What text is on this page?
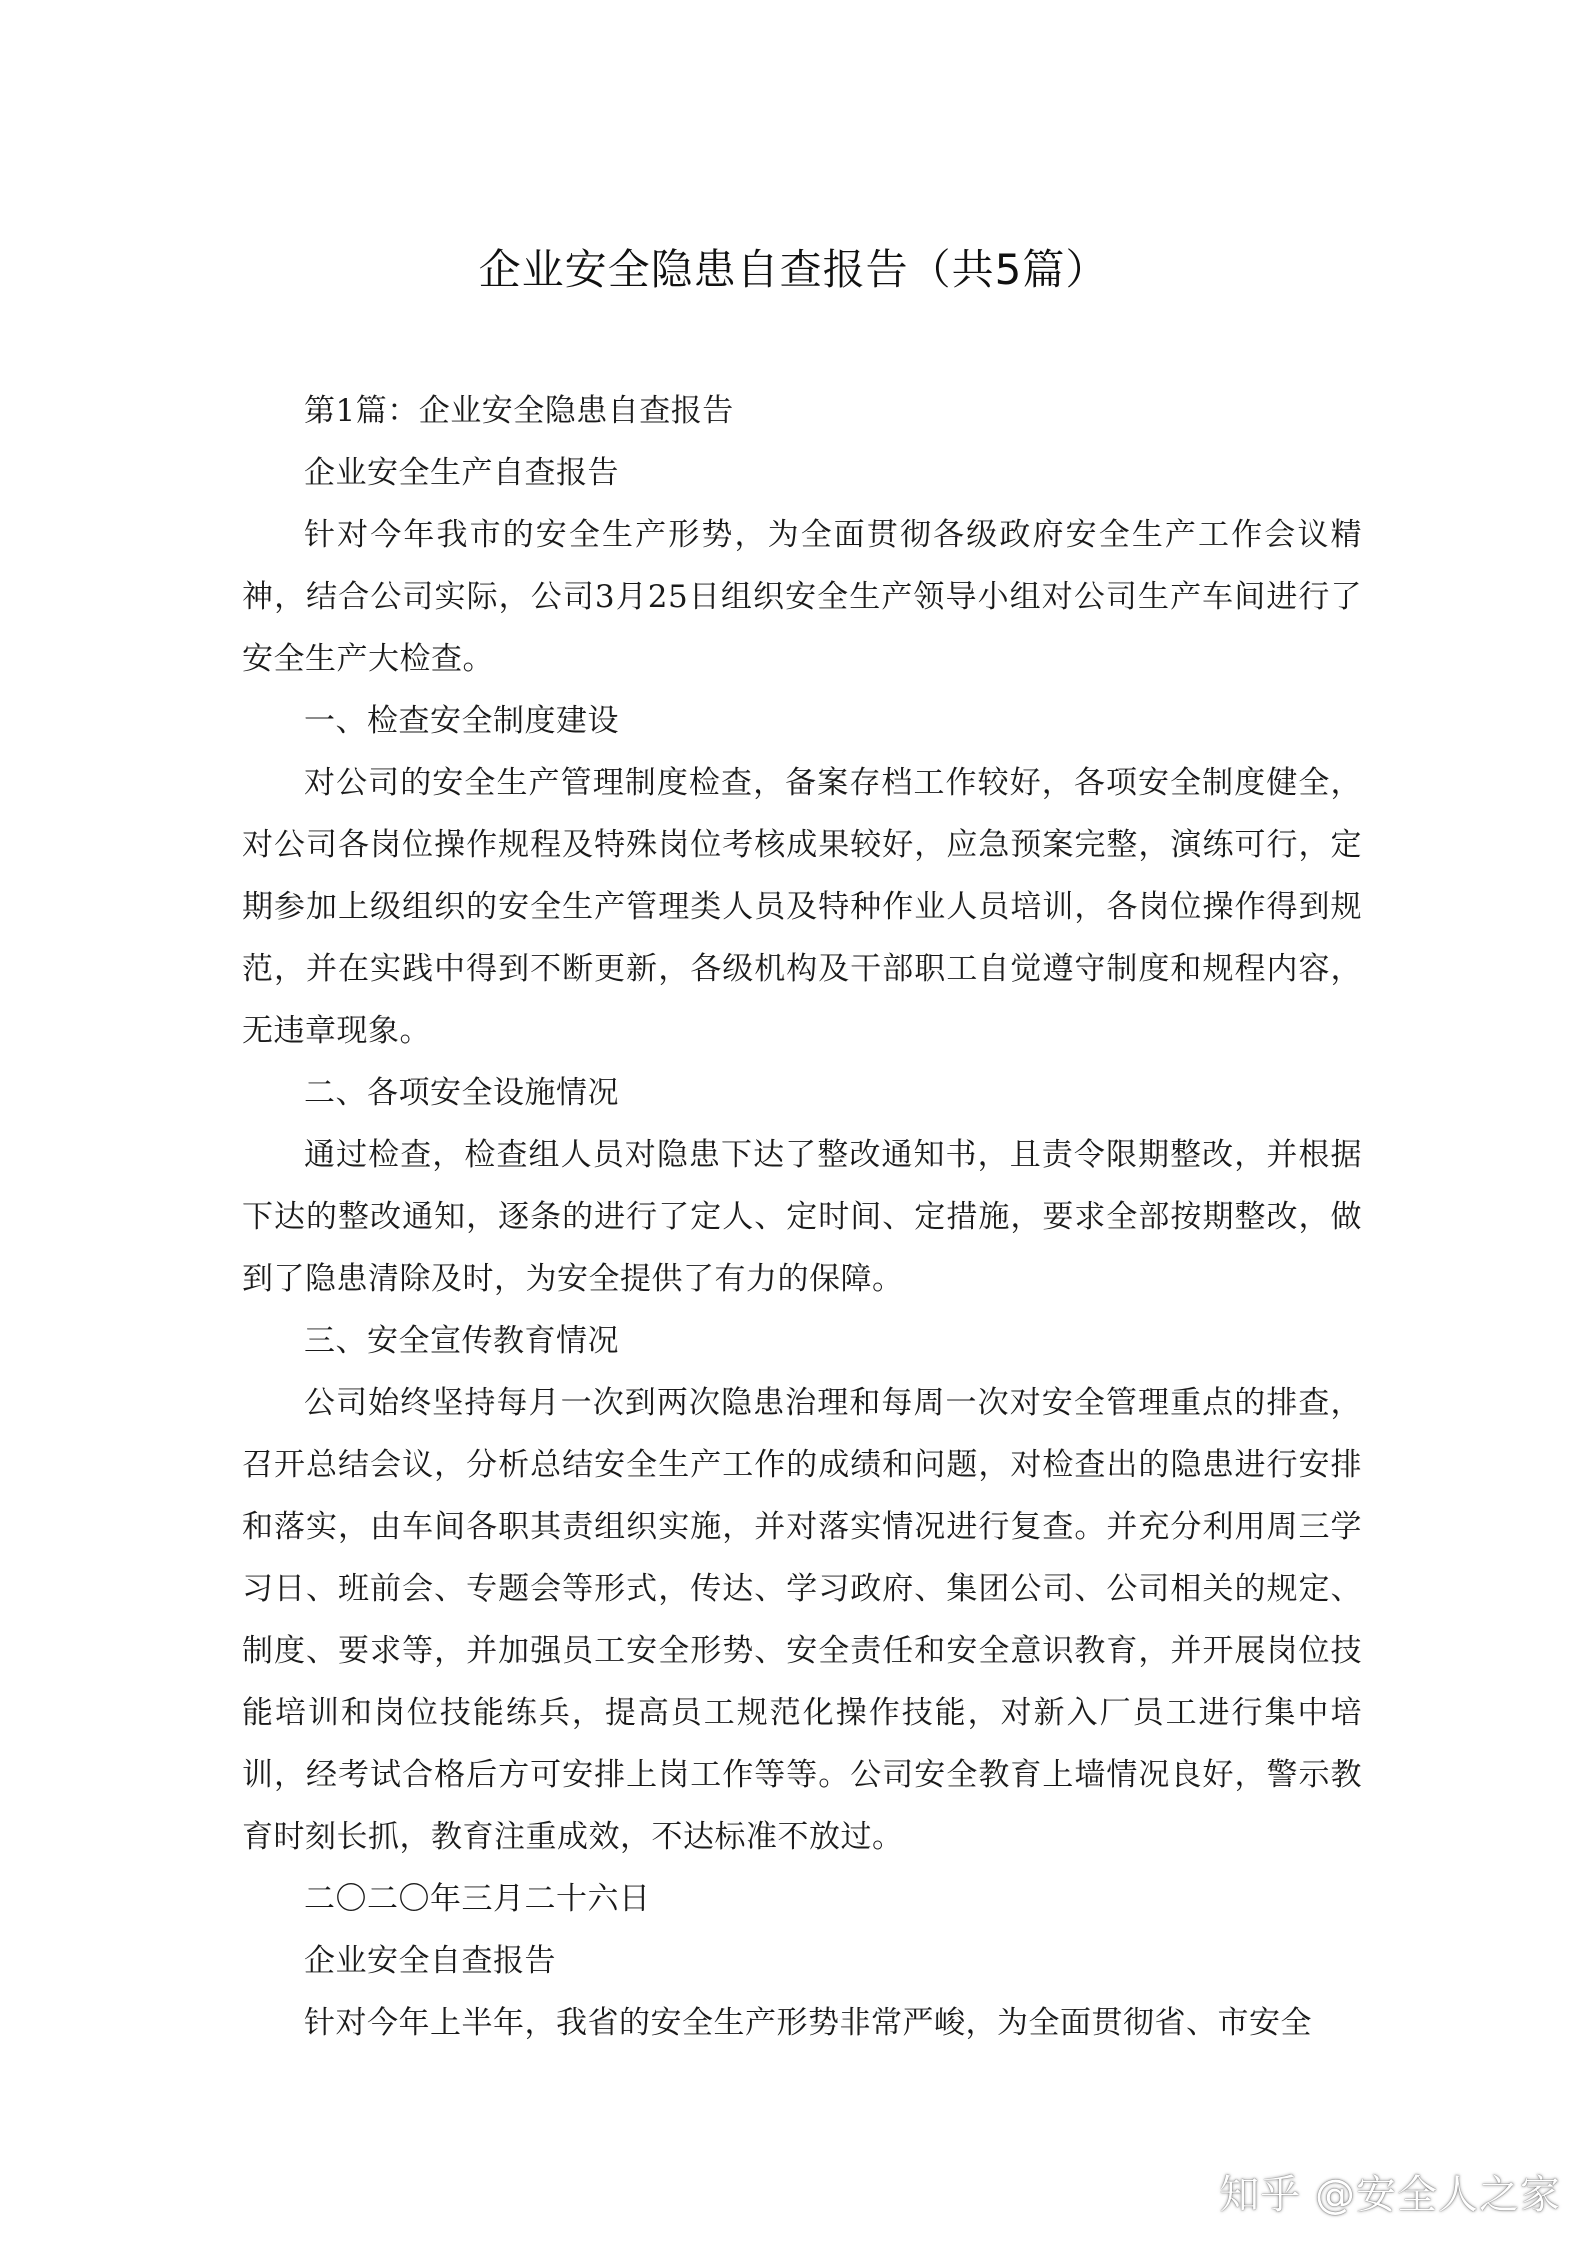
企业安全隐患自查报告（共5篇）

第1篇：企业安全隐患自查报告

企业安全生产自查报告

针对今年我市的安全生产形势，为全面贯彻各级政府安全生产工作会议精神，结合公司实际，公司3月25日组织安全生产领导小组对公司生产车间进行了安全生产大检查。

一、检查安全制度建设

对公司的安全生产管理制度检查，备案存档工作较好，各项安全制度健全，对公司各岗位操作规程及特殊岗位考核成果较好，应急预案完整，演练可行，定期参加上级组织的安全生产管理类人员及特种作业人员培训，各岗位操作得到规范，并在实践中得到不断更新，各级机构及干部职工自觉遵守制度和规程内容，无违章现象。

二、各项安全设施情况

通过检查，检查组人员对隐患下达了整改通知书，且责令限期整改，并根据下达的整改通知，逐条的进行了定人、定时间、定措施，要求全部按期整改，做到了隐患清除及时，为安全提供了有力的保障。

三、安全宣传教育情况

公司始终坚持每月一次到两次隐患治理和每周一次对安全管理重点的排查，召开总结会议，分析总结安全生产工作的成绩和问题，对检查出的隐患进行安排和落实，由车间各职其责组织实施，并对落实情况进行复查。并充分利用周三学习日、班前会、专题会等形式，传达、学习政府、集团公司、公司相关的规定、制度、要求等，并加强员工安全形势、安全责任和安全意识教育，并开展岗位技能培训和岗位技能练兵，提高员工规范化操作技能，对新入厂员工进行集中培训，经考试合格后方可安排上岗工作等等。公司安全教育上墙情况良好，警示教育时刻长抓，教育注重成效，不达标准不放过。

二〇二〇年三月二十六日

企业安全自查报告

针对今年上半年，我省的安全生产形势非常严峻，为全面贯彻省、市安全

知乎 @安全人之家
